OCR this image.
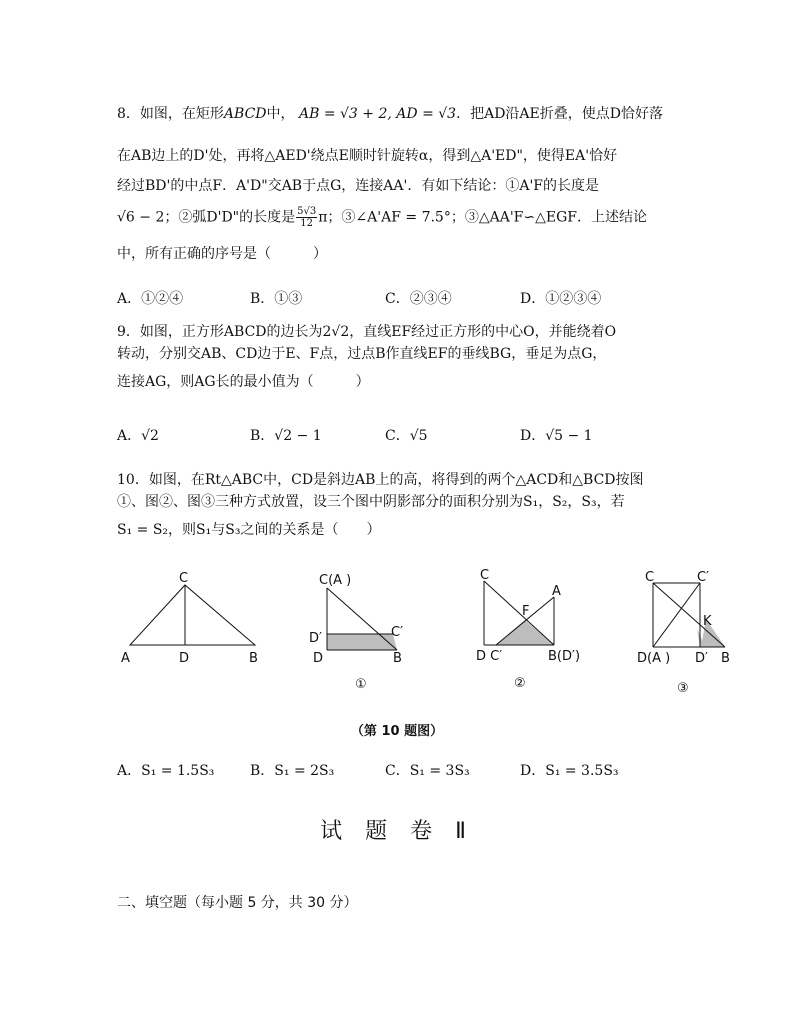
8．如图，在矩形ABCD中， AB = √3 + 2, AD = √3．把AD沿AE折叠，使点D恰好落
在AB边上的D'处，再将△AED'绕点E顺时针旋转α，得到△A'ED"，使得EA'恰好
经过BD'的中点F．A'D"交AB于点G，连接AA'．有如下结论：①A'F的长度是
√6 − 2；②弧D'D"的长度是 $\frac{5√3}{12}$ π；③∠A'AF = 7.5°；③△AA'F∽△EGF．上述结论
中，所有正确的序号是（　　　）
A．①②④	B．①③	C．②③④	D．①②③④
9．如图，正方形ABCD的边长为2√2，直线EF经过正方形的中心O，并能绕着O
转动，分别交AB、CD边于E、F点，过点B作直线EF的垂线BG，垂足为点G，
连接AG，则AG长的最小值为（　　　）
A．√2	B．√2 − 1	C．√5	D．√5 − 1
10．如图，在Rt△ABC中，CD是斜边AB上的高，将得到的两个△ACD和△BCD按图
①、图②、图③三种方式放置，设三个图中阴影部分的面积分别为S₁，S₂，S₃，若
S₁ = S₂，则S₁与S₃之间的关系是（　　）
C
A	D	B
C(A )
D′	C′
D	B
①
C
A
F
D C′	B(D′)
②
C	C′
K
D(A ) D′ B
③
（第 10 题图）
A．S₁ = 1.5S₃	B．S₁ = 2S₃	C．S₁ = 3S₃	D．S₁ = 3.5S₃
试 题 卷 Ⅱ
二、填空题（每小题 5 分，共 30 分）
